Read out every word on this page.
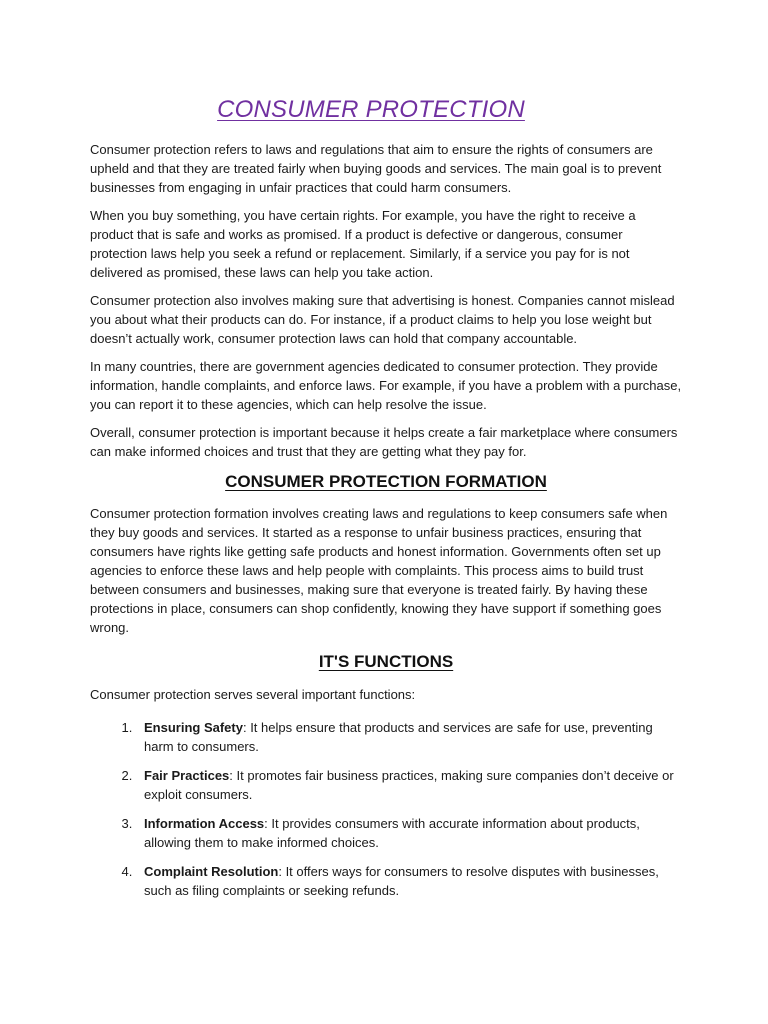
CONSUMER PROTECTION

Consumer protection refers to laws and regulations that aim to ensure the rights of consumers are upheld and that they are treated fairly when buying goods and services. The main goal is to prevent businesses from engaging in unfair practices that could harm consumers.

When you buy something, you have certain rights. For example, you have the right to receive a product that is safe and works as promised. If a product is defective or dangerous, consumer protection laws help you seek a refund or replacement. Similarly, if a service you pay for is not delivered as promised, these laws can help you take action.

Consumer protection also involves making sure that advertising is honest. Companies cannot mislead you about what their products can do. For instance, if a product claims to help you lose weight but doesn’t actually work, consumer protection laws can hold that company accountable.

In many countries, there are government agencies dedicated to consumer protection. They provide information, handle complaints, and enforce laws. For example, if you have a problem with a purchase, you can report it to these agencies, which can help resolve the issue.

Overall, consumer protection is important because it helps create a fair marketplace where consumers can make informed choices and trust that they are getting what they pay for.

CONSUMER PROTECTION FORMATION

Consumer protection formation involves creating laws and regulations to keep consumers safe when they buy goods and services. It started as a response to unfair business practices, ensuring that consumers have rights like getting safe products and honest information. Governments often set up agencies to enforce these laws and help people with complaints. This process aims to build trust between consumers and businesses, making sure that everyone is treated fairly. By having these protections in place, consumers can shop confidently, knowing they have support if something goes wrong.

IT'S FUNCTIONS

Consumer protection serves several important functions:

1. Ensuring Safety: It helps ensure that products and services are safe for use, preventing harm to consumers.
2. Fair Practices: It promotes fair business practices, making sure companies don’t deceive or exploit consumers.
3. Information Access: It provides consumers with accurate information about products, allowing them to make informed choices.
4. Complaint Resolution: It offers ways for consumers to resolve disputes with businesses, such as filing complaints or seeking refunds.
